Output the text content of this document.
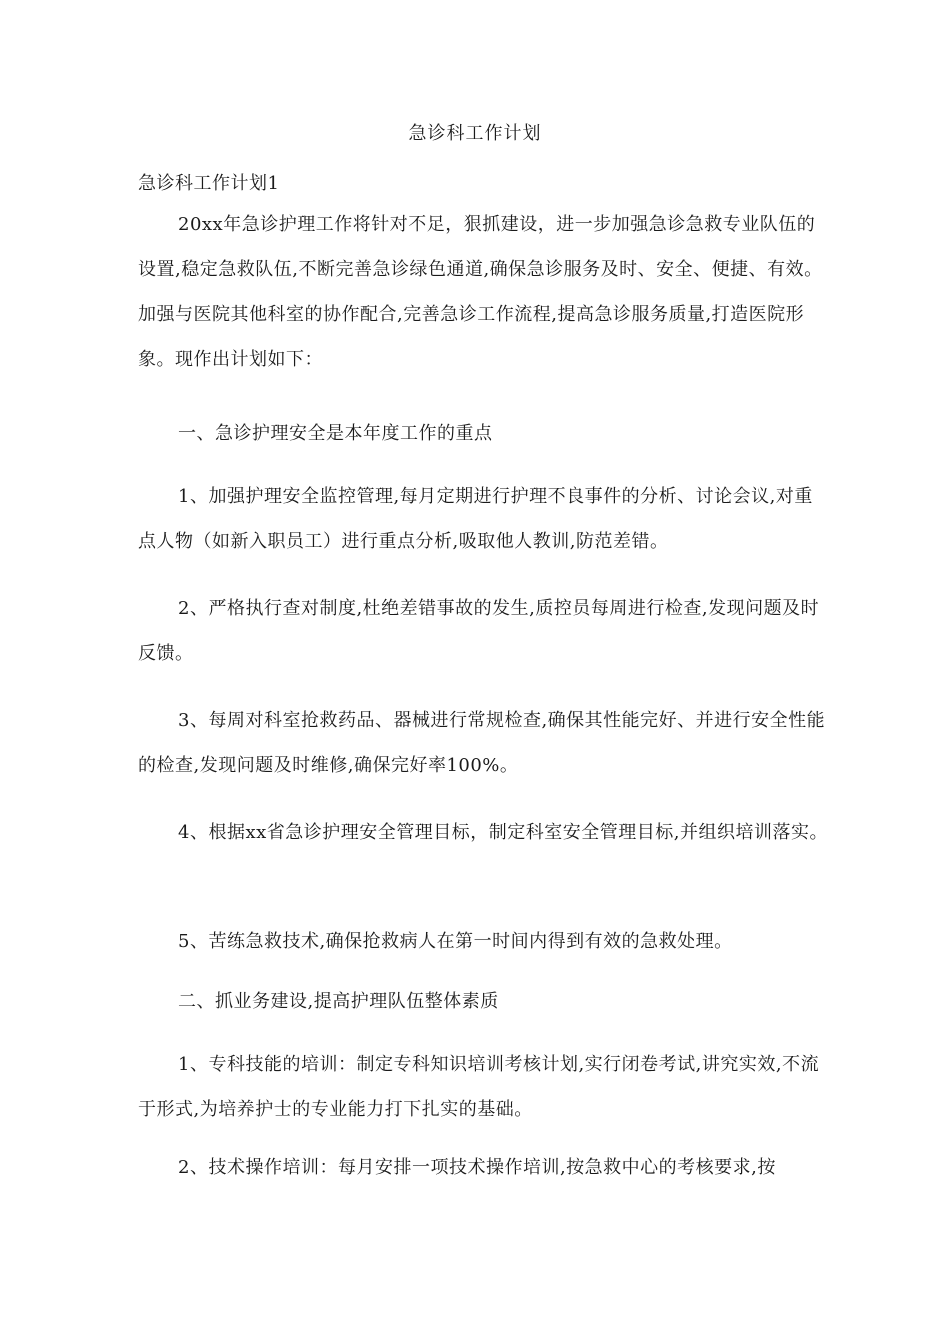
急诊科工作计划

急诊科工作计划1

20xx年急诊护理工作将针对不足，狠抓建设，进一步加强急诊急救专业队伍的设置,稳定急救队伍,不断完善急诊绿色通道,确保急诊服务及时、安全、便捷、有效。加强与医院其他科室的协作配合,完善急诊工作流程,提高急诊服务质量,打造医院形象。现作出计划如下：

一、急诊护理安全是本年度工作的重点

1、加强护理安全监控管理,每月定期进行护理不良事件的分析、讨论会议,对重点人物（如新入职员工）进行重点分析,吸取他人教训,防范差错。

2、严格执行查对制度,杜绝差错事故的发生,质控员每周进行检查,发现问题及时反馈。

3、每周对科室抢救药品、器械进行常规检查,确保其性能完好、并进行安全性能的检查,发现问题及时维修,确保完好率100%。

4、根据xx省急诊护理安全管理目标，制定科室安全管理目标,并组织培训落实。

5、苦练急救技术,确保抢救病人在第一时间内得到有效的急救处理。

二、抓业务建设,提高护理队伍整体素质

1、专科技能的培训：制定专科知识培训考核计划,实行闭卷考试,讲究实效,不流于形式,为培养护士的专业能力打下扎实的基础。

2、技术操作培训：每月安排一项技术操作培训,按急救中心的考核要求,按
